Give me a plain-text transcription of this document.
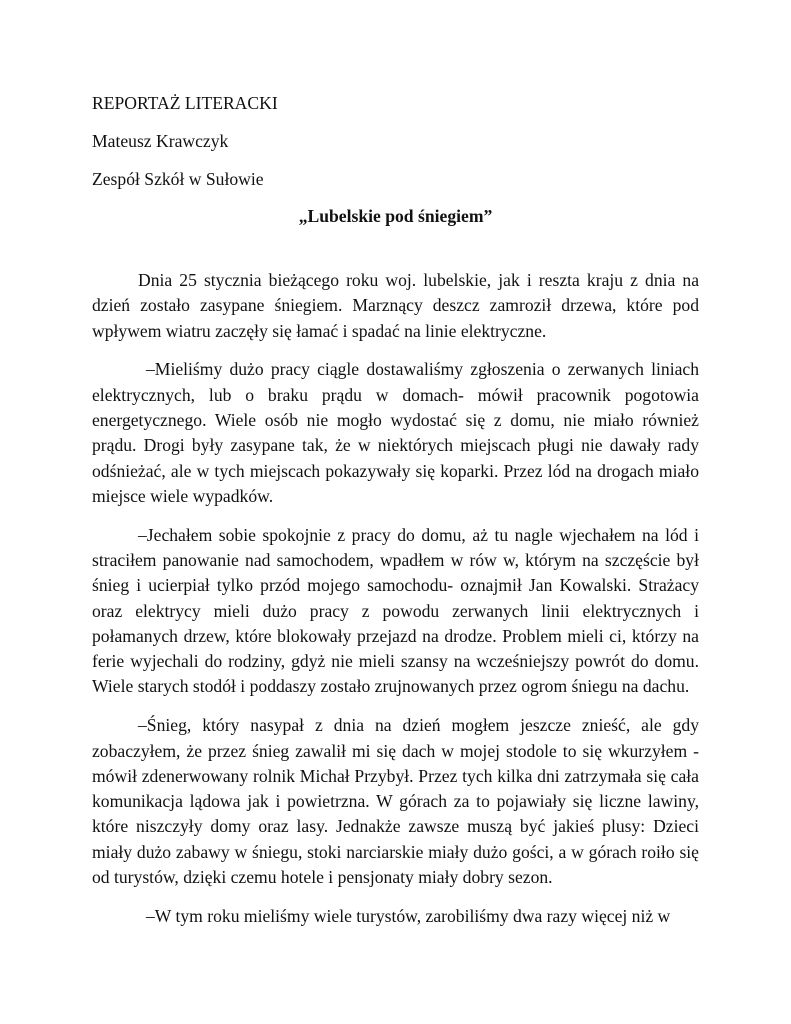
REPORTAŻ LITERACKI
Mateusz Krawczyk
Zespół Szkół w Sułowie
„Lubelskie pod śniegiem”

Dnia 25 stycznia bieżącego roku woj. lubelskie, jak i reszta kraju z dnia na dzień zostało zasypane śniegiem. Marznący deszcz zamroził drzewa, które pod wpływem wiatru zaczęły się łamać i spadać na linie elektryczne.

–Mieliśmy dużo pracy ciągle dostawaliśmy zgłoszenia o zerwanych liniach elektrycznych, lub o braku prądu w domach- mówił pracownik pogotowia energetycznego. Wiele osób nie mogło wydostać się z domu, nie miało również prądu. Drogi były zasypane tak, że w niektórych miejscach pługi nie dawały rady odśnieżać, ale w tych miejscach pokazywały się koparki. Przez lód na drogach miało miejsce wiele wypadków.

–Jechałem sobie spokojnie z pracy do domu, aż tu nagle wjechałem na lód i straciłem panowanie nad samochodem, wpadłem w rów w, którym na szczęście był śnieg i ucierpiał tylko przód mojego samochodu- oznajmił Jan Kowalski. Strażacy oraz elektrycy mieli dużo pracy z powodu zerwanych linii elektrycznych i połamanych drzew, które blokowały przejazd na drodze. Problem mieli ci, którzy na ferie wyjechali do rodziny, gdyż nie mieli szansy na wcześniejszy powrót do domu. Wiele starych stodół i poddaszy zostało zrujnowanych przez ogrom śniegu na dachu.

–Śnieg, który nasypał z dnia na dzień mogłem jeszcze znieść, ale gdy zobaczyłem, że przez śnieg zawalił mi się dach w mojej stodole to się wkurzyłem - mówił zdenerwowany rolnik Michał Przybył. Przez tych kilka dni zatrzymała się cała komunikacja lądowa jak i powietrzna. W górach za to pojawiały się liczne lawiny, które niszczyły domy oraz lasy. Jednakże zawsze muszą być jakieś plusy: Dzieci miały dużo zabawy w śniegu, stoki narciarskie miały dużo gości, a w górach roiło się od turystów, dzięki czemu hotele i pensjonaty miały dobry sezon.

–W tym roku mieliśmy wiele turystów, zarobiliśmy dwa razy więcej niż w
